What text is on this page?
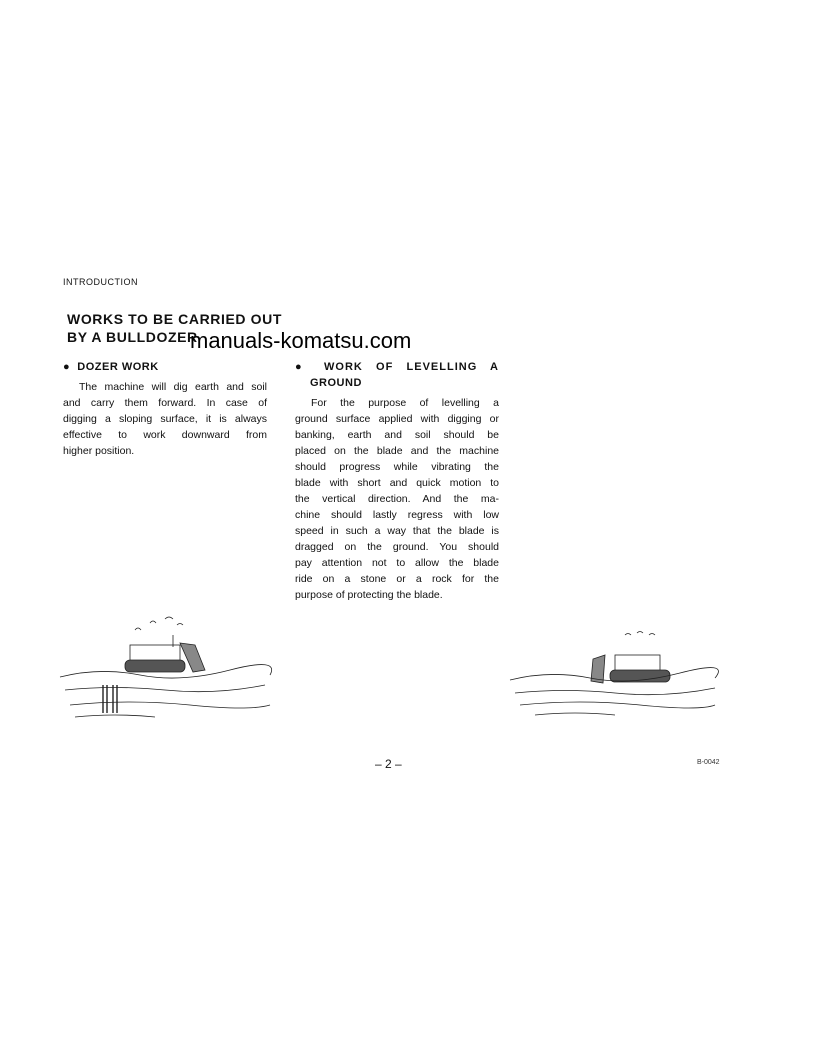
INTRODUCTION
WORKS TO BE CARRIED OUT
BY A BULLDOZER
manuals-komatsu.com
●  DOZER WORK
The machine will dig earth and soil
and carry them forward. In case of
digging a sloping surface, it is always
effective to work downward from
higher position.
● WORK OF LEVELLING A
GROUND
For the purpose of levelling a
ground surface applied with digging or
banking, earth and soil should be
placed on the blade and the machine
should progress while vibrating the
blade with short and quick motion to
the vertical direction. And the ma-
chine should lastly regress with low
speed in such a way that the blade is
dragged on the ground. You should
pay attention not to allow the blade
ride on a stone or a rock for the
purpose of protecting the blade.
– 2 –	B-0042
